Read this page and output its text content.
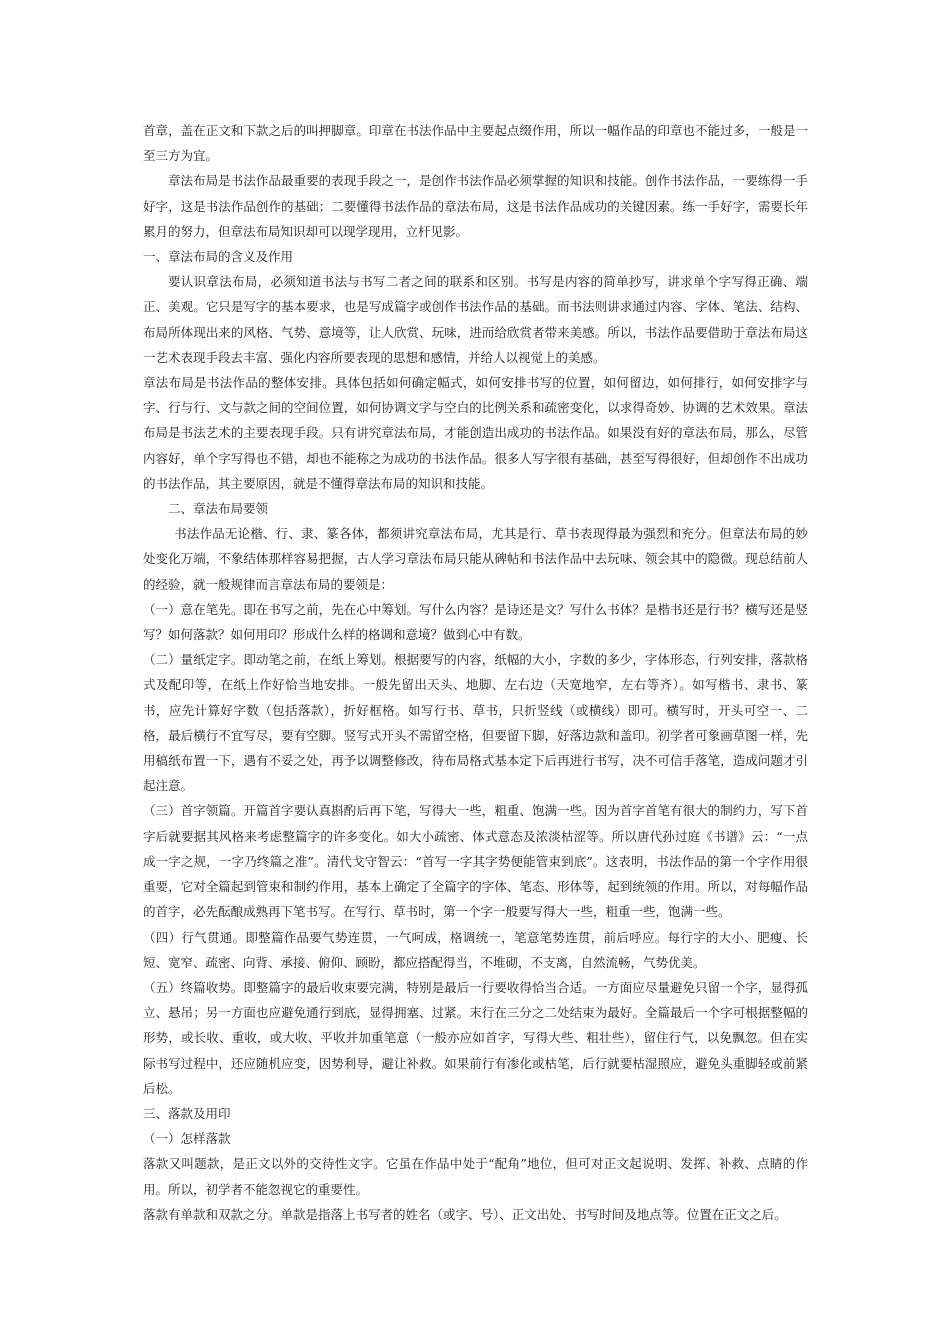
首章，盖在正文和下款之后的叫押脚章。印章在书法作品中主要起点缀作用，所以一幅作品的印章也不能过多，一般是一至三方为宜。

章法布局是书法作品最重要的表现手段之一，是创作书法作品必须掌握的知识和技能。创作书法作品，一要练得一手好字，这是书法作品创作的基础；二要懂得书法作品的章法布局，这是书法作品成功的关键因素。练一手好字，需要长年累月的努力，但章法布局知识却可以现学现用，立杆见影。

一、章法布局的含义及作用

要认识章法布局，必须知道书法与书写二者之间的联系和区别。书写是内容的简单抄写，讲求单个字写得正确、端正、美观。它只是写字的基本要求，也是写成篇字或创作书法作品的基础。而书法则讲求通过内容、字体、笔法、结构、布局所体现出来的风格、气势、意境等，让人欣赏、玩味，进而给欣赏者带来美感。所以，书法作品要借助于章法布局这一艺术表现手段去丰富、强化内容所要表现的思想和感情，并给人以视觉上的美感。

章法布局是书法作品的整体安排。具体包括如何确定幅式，如何安排书写的位置，如何留边，如何排行，如何安排字与字、行与行、文与款之间的空间位置，如何协调文字与空白的比例关系和疏密变化，以求得奇妙、协调的艺术效果。章法布局是书法艺术的主要表现手段。只有讲究章法布局，才能创造出成功的书法作品。如果没有好的章法布局，那么，尽管内容好，单个字写得也不错，却也不能称之为成功的书法作品。很多人写字很有基础，甚至写得很好，但却创作不出成功的书法作品，其主要原因，就是不懂得章法布局的知识和技能。

二、章法布局要领

书法作品无论楷、行、隶、篆各体，都须讲究章法布局，尤其是行、草书表现得最为强烈和充分。但章法布局的妙处变化万端，不象结体那样容易把握，古人学习章法布局只能从碑帖和书法作品中去玩味、领会其中的隐微。现总结前人的经验，就一般规律而言章法布局的要领是：

（一）意在笔先。即在书写之前，先在心中筹划。写什么内容？是诗还是文？写什么书体？是楷书还是行书？横写还是竖写？如何落款？如何用印？形成什么样的格调和意境？做到心中有数。

（二）量纸定字。即动笔之前，在纸上筹划。根据要写的内容，纸幅的大小，字数的多少，字体形态，行列安排，落款格式及配印等，在纸上作好恰当地安排。一般先留出天头、地脚、左右边（天宽地窄，左右等齐）。如写楷书、隶书、篆书，应先计算好字数（包括落款），折好框格。如写行书、草书，只折竖线（或横线）即可。横写时，开头可空一、二格，最后横行不宜写尽，要有空脚。竖写式开头不需留空格，但要留下脚，好落边款和盖印。初学者可象画草图一样，先用稿纸布置一下，遇有不妥之处，再予以调整修改，待布局格式基本定下后再进行书写，决不可信手落笔，造成问题才引起注意。

（三）首字领篇。开篇首字要认真斟酌后再下笔，写得大一些，粗重、饱满一些。因为首字首笔有很大的制约力，写下首字后就要据其风格来考虑整篇字的许多变化。如大小疏密、体式意态及浓淡枯涩等。所以唐代孙过庭《书谱》云：“一点成一字之规，一字乃终篇之准”。清代戈守智云：“首写一字其字势便能管束到底”。这表明，书法作品的第一个字作用很重要，它对全篇起到管束和制约作用，基本上确定了全篇字的字体、笔态、形体等，起到统领的作用。所以，对每幅作品的首字，必先酝酿成熟再下笔书写。在写行、草书时，第一个字一般要写得大一些，粗重一些，饱满一些。

（四）行气贯通。即整篇作品要气势连贯，一气呵成，格调统一，笔意笔势连贯，前后呼应。每行字的大小、肥瘦、长短、宽窄、疏密、向背、承接、俯仰、顾盼，都应搭配得当，不堆砌，不支离，自然流畅，气势优美。

（五）终篇收势。即整篇字的最后收束要完满，特别是最后一行要收得恰当合适。一方面应尽量避免只留一个字，显得孤立、悬吊；另一方面也应避免通行到底，显得拥塞、过紧。末行在三分之二处结束为最好。全篇最后一个字可根据整幅的形势，或长收、重收，或大收、平收并加重笔意（一般亦应如首字，写得大些、粗壮些），留住行气，以免飘忽。但在实际书写过程中，还应随机应变，因势利导，避让补救。如果前行有渗化或枯笔，后行就要枯湿照应，避免头重脚轻或前紧后松。

三、落款及用印

（一）怎样落款

落款又叫题款，是正文以外的交待性文字。它虽在作品中处于“配角”地位，但可对正文起说明、发挥、补救、点睛的作用。所以，初学者不能忽视它的重要性。

落款有单款和双款之分。单款是指落上书写者的姓名（或字、号）、正文出处、书写时间及地点等。位置在正文之后。
